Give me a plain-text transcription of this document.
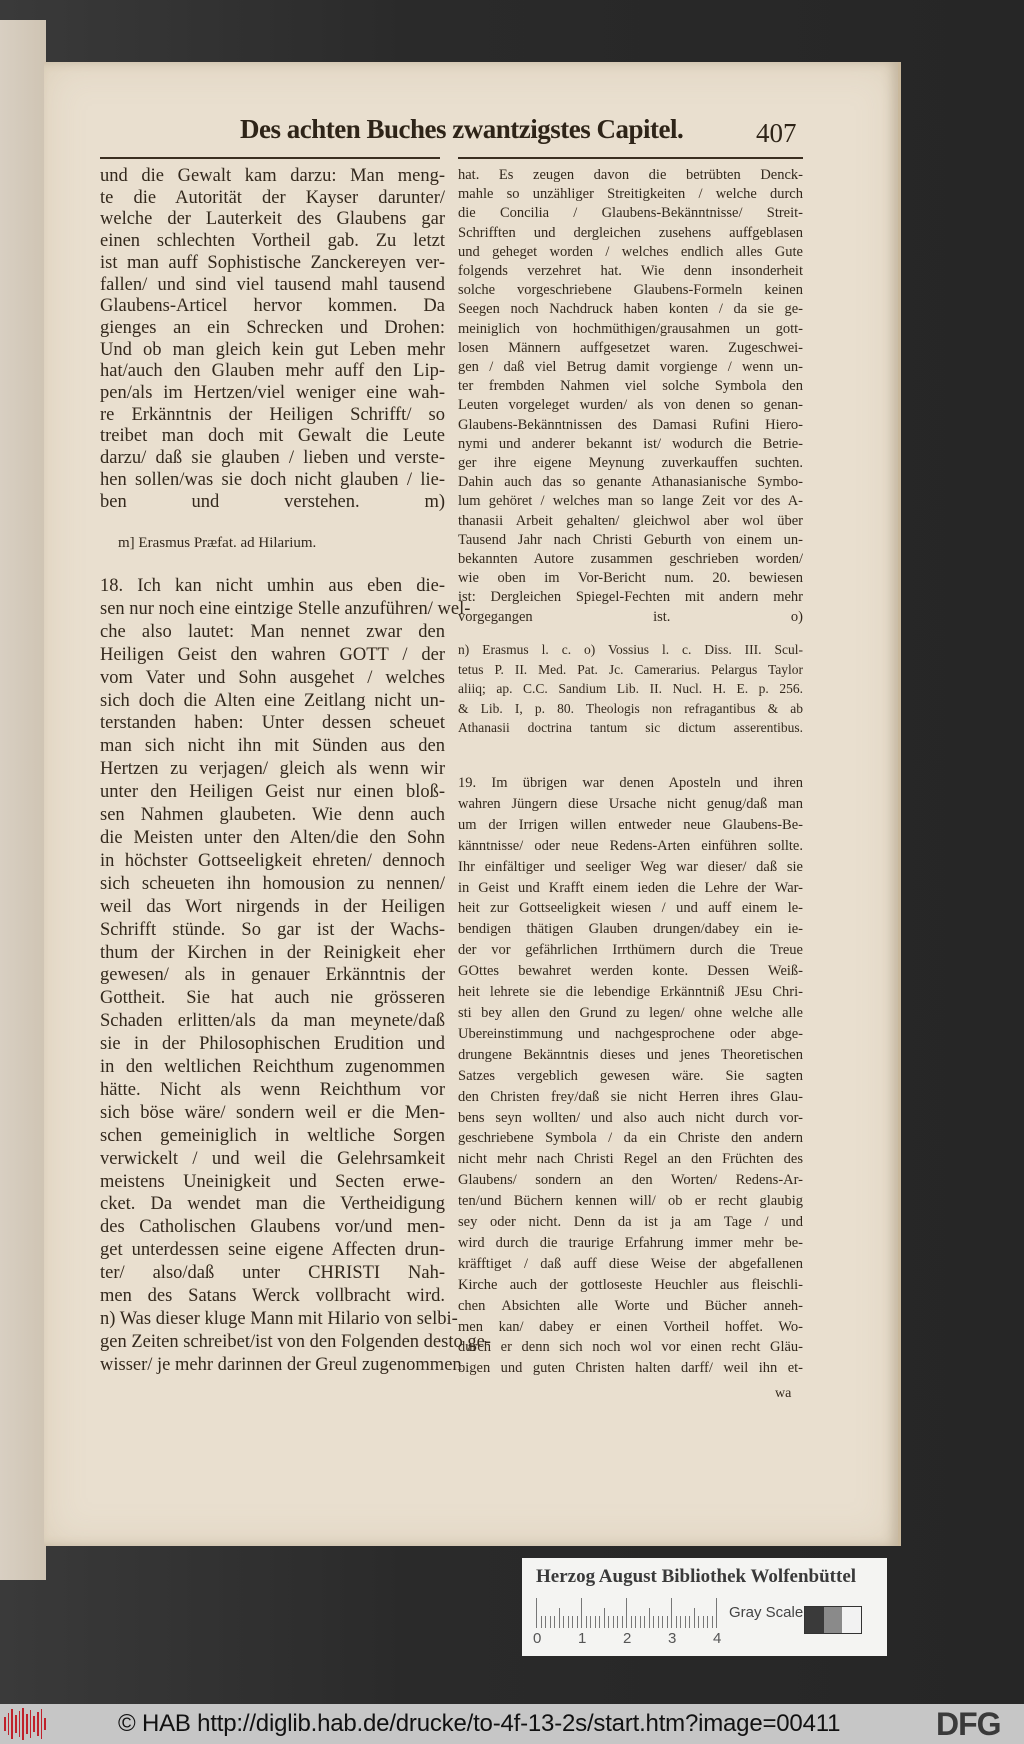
Des achten Buches zwantzigstes Capitel.	407
und die Gewalt kam darzu: Man meng-
te die Autorität der Kayser darunter/
welche der Lauterkeit des Glaubens gar
einen schlechten Vortheil gab. Zu letzt
ist man auff Sophistische Zanckereyen ver-
fallen/ und sind viel tausend mahl tausend
Glaubens-Articel hervor kommen. Da
gienges an ein Schrecken und Drohen:
Und ob man gleich kein gut Leben mehr
hat/auch den Glauben mehr auff den Lip-
pen/als im Hertzen/viel weniger eine wah-
re Erkänntnis der Heiligen Schrifft/ so
treibet man doch mit Gewalt die Leute
darzu/ daß sie glauben / lieben und verste-
hen sollen/was sie doch nicht glauben / lie-
ben und verstehen. m)
m] Erasmus Præfat. ad Hilarium.
18. Ich kan nicht umhin aus eben die-
sen nur noch eine eintzige Stelle anzuführen/ wel-
che also lautet: Man nennet zwar den
Heiligen Geist den wahren GOTT / der
vom Vater und Sohn ausgehet / welches
sich doch die Alten eine Zeitlang nicht un-
terstanden haben: Unter dessen scheuet
man sich nicht ihn mit Sünden aus den
Hertzen zu verjagen/ gleich als wenn wir
unter den Heiligen Geist nur einen bloß-
sen Nahmen glaubeten. Wie denn auch
die Meisten unter den Alten/die den Sohn
in höchster Gottseeligkeit ehreten/ dennoch
sich scheueten ihn homousion zu nennen/
weil das Wort nirgends in der Heiligen
Schrifft stünde. So gar ist der Wachs-
thum der Kirchen in der Reinigkeit eher
gewesen/ als in genauer Erkänntnis der
Gottheit. Sie hat auch nie grösseren
Schaden erlitten/als da man meynete/daß
sie in der Philosophischen Erudition und
in den weltlichen Reichthum zugenommen
hätte. Nicht als wenn Reichthum vor
sich böse wäre/ sondern weil er die Men-
schen gemeiniglich in weltliche Sorgen
verwickelt / und weil die Gelehrsamkeit
meistens Uneinigkeit und Secten erwe-
cket. Da wendet man die Vertheidigung
des Catholischen Glaubens vor/und men-
get unterdessen seine eigene Affecten drun-
ter/ also/daß unter CHRISTI Nah-
men des Satans Werck vollbracht wird.
n) Was dieser kluge Mann mit Hilario von selbi-
gen Zeiten schreibet/ist von den Folgenden desto ge-
wisser/ je mehr darinnen der Greul zugenommen
hat. Es zeugen davon die betrübten Denck-
mahle so unzähliger Streitigkeiten / welche durch
die Concilia / Glaubens-Bekänntnisse/ Streit-
Schrifften und dergleichen zusehens auffgeblasen
und geheget worden / welches endlich alles Gute
folgends verzehret hat. Wie denn insonderheit
solche vorgeschriebene Glaubens-Formeln keinen
Seegen noch Nachdruck haben konten / da sie ge-
meiniglich von hochmüthigen/grausahmen un gott-
losen Männern auffgesetzet waren. Zugeschwei-
gen / daß viel Betrug damit vorgienge / wenn un-
ter frembden Nahmen viel solche Symbola den
Leuten vorgeleget wurden/ als von denen so genan-
Glaubens-Bekänntnissen des Damasi Rufini Hiero-
nymi und anderer bekannt ist/ wodurch die Betrie-
ger ihre eigene Meynung zuverkauffen suchten.
Dahin auch das so genante Athanasianische Symbo-
lum gehöret / welches man so lange Zeit vor des A-
thanasii Arbeit gehalten/ gleichwol aber wol über
Tausend Jahr nach Christi Geburth von einem un-
bekannten Autore zusammen geschrieben worden/
wie oben im Vor-Bericht num. 20. bewiesen
ist: Dergleichen Spiegel-Fechten mit andern mehr
vorgegangen ist. o)
n) Erasmus l. c. o) Vossius l. c. Diss. III. Scul-
tetus P. II. Med. Pat. Jc. Camerarius. Pelargus Taylor
aliiq; ap. C.C. Sandium Lib. II. Nucl. H. E. p. 256.
& Lib. I, p. 80. Theologis non refragantibus & ab
Athanasii doctrina tantum sic dictum asserentibus.
19. Im übrigen war denen Aposteln und ihren
wahren Jüngern diese Ursache nicht genug/daß man
um der Irrigen willen entweder neue Glaubens-Be-
känntnisse/ oder neue Redens-Arten einführen sollte.
Ihr einfältiger und seeliger Weg war dieser/ daß sie
in Geist und Krafft einem ieden die Lehre der War-
heit zur Gottseeligkeit wiesen / und auff einem le-
bendigen thätigen Glauben drungen/dabey ein ie-
der vor gefährlichen Irrthümern durch die Treue
GOttes bewahret werden konte. Dessen Weiß-
heit lehrete sie die lebendige Erkänntniß JEsu Chri-
sti bey allen den Grund zu legen/ ohne welche alle
Ubereinstimmung und nachgesprochene oder abge-
drungene Bekänntnis dieses und jenes Theoretischen
Satzes vergeblich gewesen wäre. Sie sagten
den Christen frey/daß sie nicht Herren ihres Glau-
bens seyn wollten/ und also auch nicht durch vor-
geschriebene Symbola / da ein Christe den andern
nicht mehr nach Christi Regel an den Früchten des
Glaubens/ sondern an den Worten/ Redens-Ar-
ten/und Büchern kennen will/ ob er recht glaubig
sey oder nicht. Denn da ist ja am Tage / und
wird durch die traurige Erfahrung immer mehr be-
kräfftiget / daß auff diese Weise der abgefallenen
Kirche auch der gottloseste Heuchler aus fleischli-
chen Absichten alle Worte und Bücher anneh-
men kan/ dabey er einen Vortheil hoffet. Wo-
durch er denn sich noch wol vor einen recht Gläu-
bigen und guten Christen halten darff/ weil ihn et-
wa
Herzog August Bibliothek Wolfenbüttel
0 1 2 3 4
Gray Scale
© HAB http://diglib.hab.de/drucke/to-4f-13-2s/start.htm?image=00411	DFG
